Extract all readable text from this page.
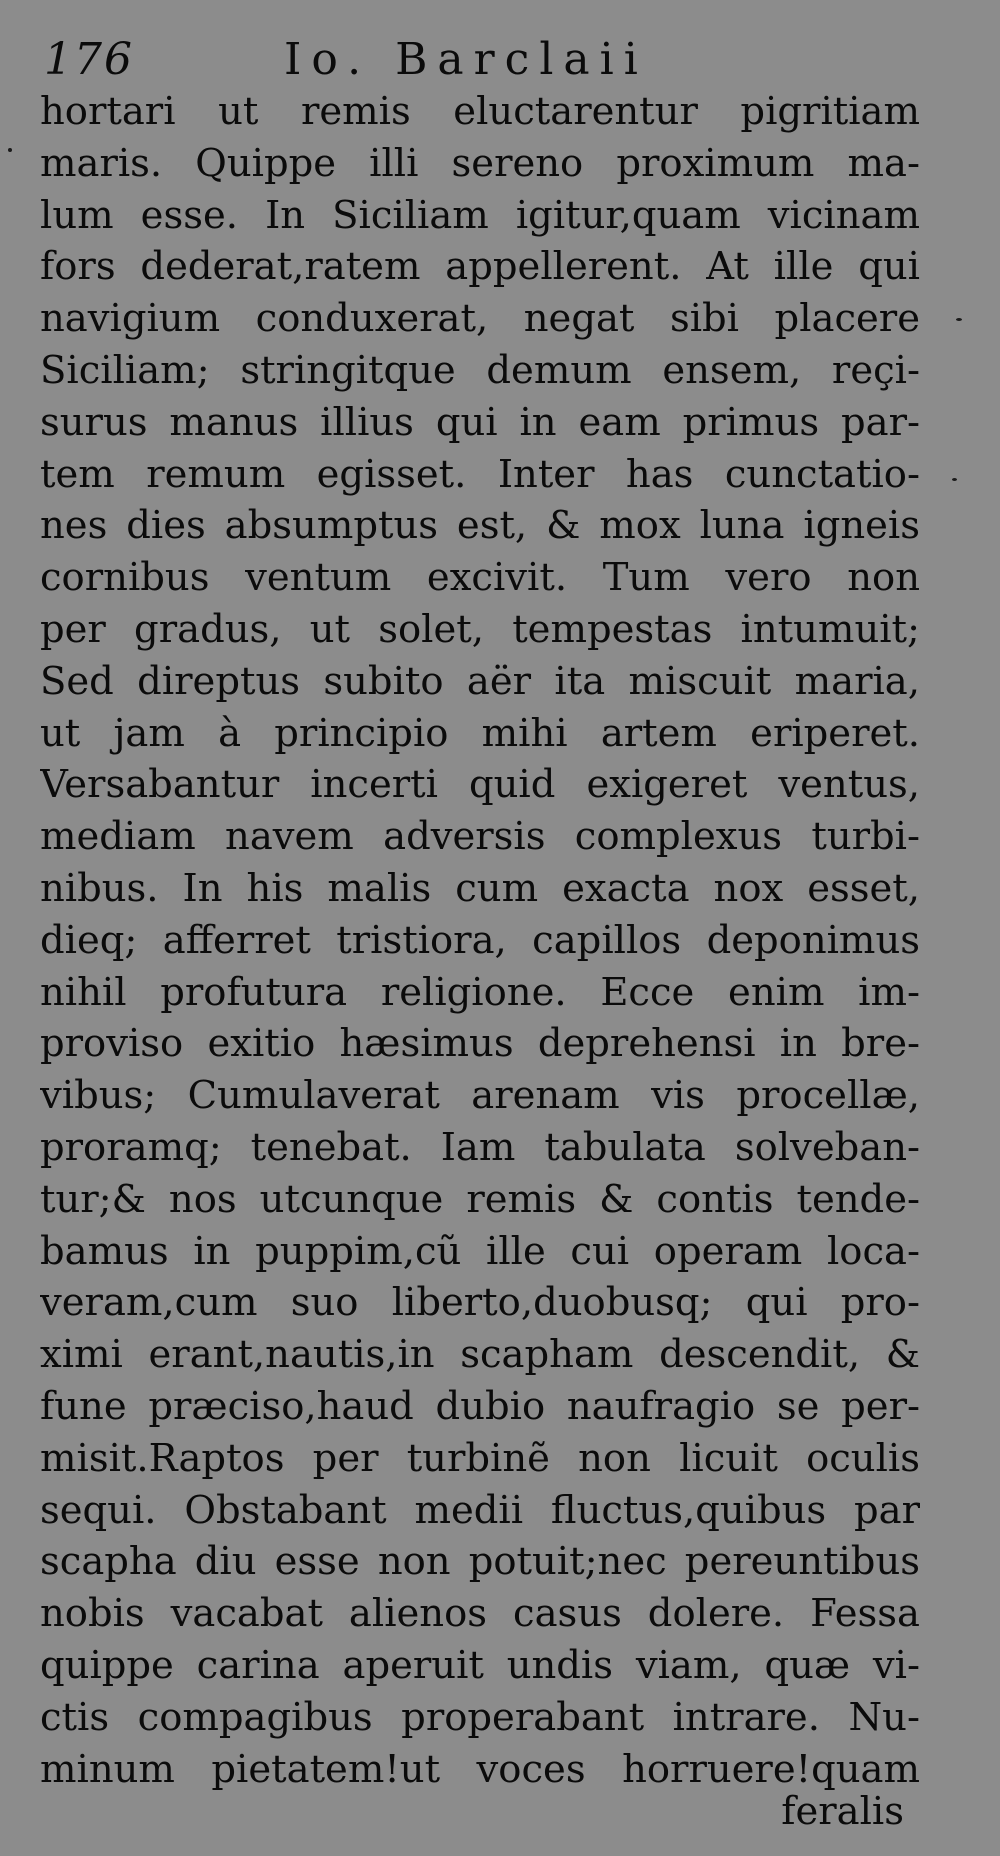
176	Io. Barclaii
hortari ut remis eluctarentur pigritiam
maris. Quippe illi sereno proximum ma-
lum esse. In Siciliam igitur,quam vicinam
fors dederat,ratem appellerent. At ille qui
navigium conduxerat, negat sibi placere
Siciliam; stringitque demum ensem, reçi-
surus manus illius qui in eam primus par-
tem remum egisset. Inter has cunctatio-
nes dies absumptus est, & mox luna igneis
cornibus ventum excivit. Tum vero non
per gradus, ut solet, tempestas intumuit;
Sed direptus subito aër ita miscuit maria,
ut jam à principio mihi artem eriperet.
Versabantur incerti quid exigeret ventus,
mediam navem adversis complexus turbi-
nibus. In his malis cum exacta nox esset,
dieq; afferret tristiora, capillos deponimus
nihil profutura religione. Ecce enim im-
proviso exitio hæsimus deprehensi in bre-
vibus; Cumulaverat arenam vis procellæ,
proramq; tenebat. Iam tabulata solveban-
tur;& nos utcunque remis & contis tende-
bamus in puppim,cũ ille cui operam loca-
veram,cum suo liberto,duobusq; qui pro-
ximi erant,nautis,in scapham descendit, &
fune præciso,haud dubio naufragio se per-
misit.Raptos per turbinẽ non licuit oculis
sequi. Obstabant medii fluctus,quibus par
scapha diu esse non potuit;nec pereuntibus
nobis vacabat alienos casus dolere. Fessa
quippe carina aperuit undis viam, quæ vi-
ctis compagibus properabant intrare. Nu-
minum pietatem!ut voces horruere!quam
feralis
